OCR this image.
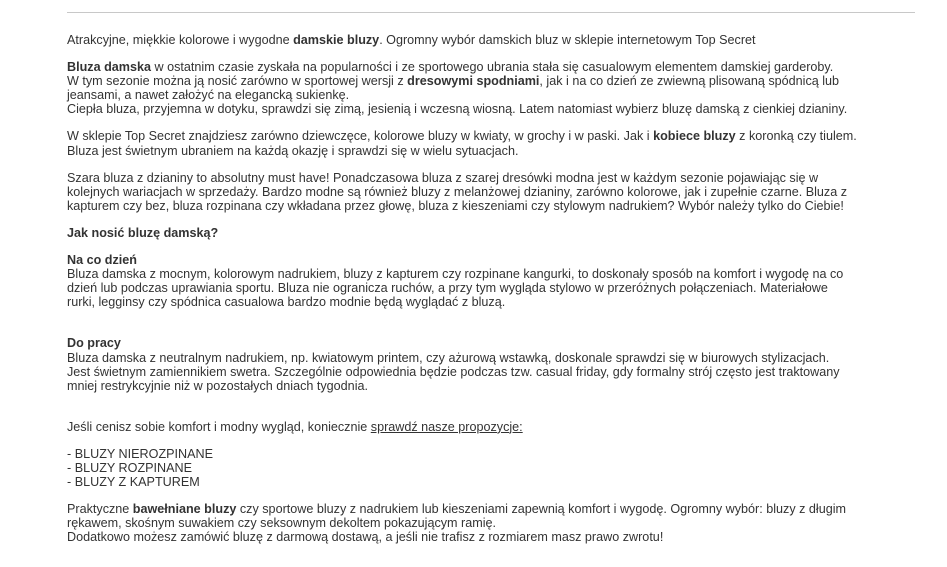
Atrakcyjne, miękkie kolorowe i wygodne damskie bluzy. Ogromny wybór damskich bluz w sklepie internetowym Top Secret

Bluza damska w ostatnim czasie zyskała na popularności i ze sportowego ubrania stała się casualowym elementem damskiej garderoby.
W tym sezonie można ją nosić zarówno w sportowej wersji z dresowymi spodniami, jak i na co dzień ze zwiewną plisowaną spódnicą lub
jeansami, a nawet założyć na elegancką sukienkę.
Ciepła bluza, przyjemna w dotyku, sprawdzi się zimą, jesienią i wczesną wiosną. Latem natomiast wybierz bluzę damską z cienkiej dzianiny.

W sklepie Top Secret znajdziesz zarówno dziewczęce, kolorowe bluzy w kwiaty, w grochy i w paski. Jak i kobiece bluzy z koronką czy tiulem.
Bluza jest świetnym ubraniem na każdą okazję i sprawdzi się w wielu sytuacjach.

Szara bluza z dzianiny to absolutny must have! Ponadczasowa bluza z szarej dresówki modna jest w każdym sezonie pojawiając się w
kolejnych wariacjach w sprzedaży. Bardzo modne są również bluzy z melanżowej dzianiny, zarówno kolorowe, jak i zupełnie czarne. Bluza z
kapturem czy bez, bluza rozpinana czy wkładana przez głowę, bluza z kieszeniami czy stylowym nadrukiem? Wybór należy tylko do Ciebie!

Jak nosić bluzę damską?

Na co dzień
Bluza damska z mocnym, kolorowym nadrukiem, bluzy z kapturem czy rozpinane kangurki, to doskonały sposób na komfort i wygodę na co
dzień lub podczas uprawiania sportu. Bluza nie ogranicza ruchów, a przy tym wygląda stylowo w przeróżnych połączeniach. Materiałowe
rurki, legginsy czy spódnica casualowa bardzo modnie będą wyglądać z bluzą.

Do pracy
Bluza damska z neutralnym nadrukiem, np. kwiatowym printem, czy ażurową wstawką, doskonale sprawdzi się w biurowych stylizacjach.
Jest świetnym zamiennikiem swetra. Szczególnie odpowiednia będzie podczas tzw. casual friday, gdy formalny strój często jest traktowany
mniej restrykcyjnie niż w pozostałych dniach tygodnia.

Jeśli cenisz sobie komfort i modny wygląd, koniecznie sprawdź nasze propozycje:

- BLUZY NIEROZPINANE
- BLUZY ROZPINANE
- BLUZY Z KAPTUREM

Praktyczne bawełniane bluzy czy sportowe bluzy z nadrukiem lub kieszeniami zapewnią komfort i wygodę. Ogromny wybór: bluzy z długim
rękawem, skośnym suwakiem czy seksownym dekoltem pokazującym ramię.
Dodatkowo możesz zamówić bluzę z darmową dostawą, a jeśli nie trafisz z rozmiarem masz prawo zwrotu!
